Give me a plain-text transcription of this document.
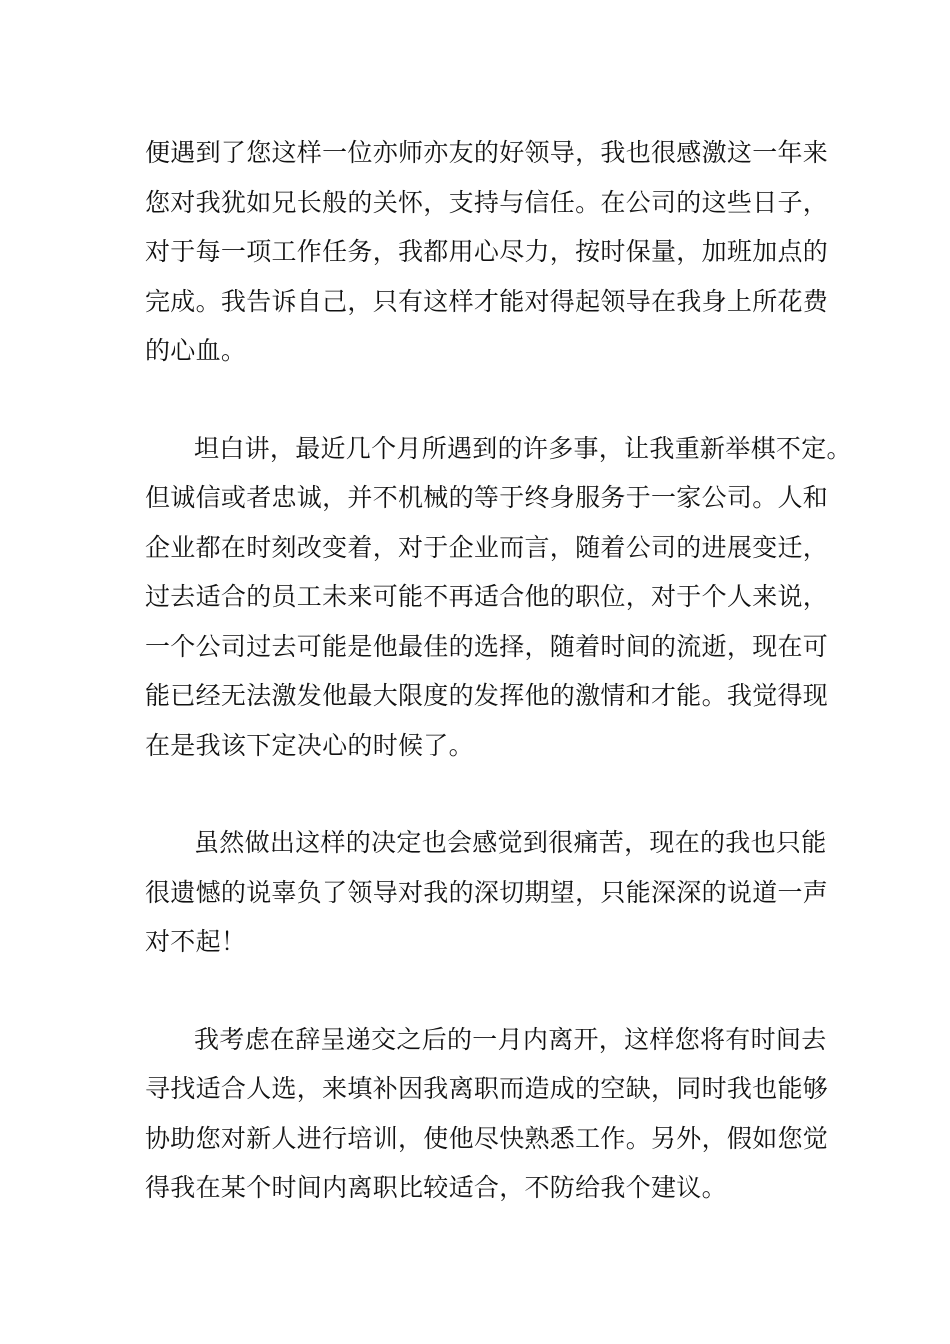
便遇到了您这样一位亦师亦友的好领导，我也很感激这一年来
您对我犹如兄长般的关怀，支持与信任。在公司的这些日子，
对于每一项工作任务，我都用心尽力，按时保量，加班加点的
完成。我告诉自己，只有这样才能对得起领导在我身上所花费
的心血。
坦白讲，最近几个月所遇到的许多事，让我重新举棋不定。
但诚信或者忠诚，并不机械的等于终身服务于一家公司。人和
企业都在时刻改变着，对于企业而言，随着公司的进展变迁，
过去适合的员工未来可能不再适合他的职位，对于个人来说，
一个公司过去可能是他最佳的选择，随着时间的流逝，现在可
能已经无法激发他最大限度的发挥他的激情和才能。我觉得现
在是我该下定决心的时候了。
虽然做出这样的决定也会感觉到很痛苦，现在的我也只能
很遗憾的说辜负了领导对我的深切期望，只能深深的说道一声
对不起！
我考虑在辞呈递交之后的一月内离开，这样您将有时间去
寻找适合人选，来填补因我离职而造成的空缺，同时我也能够
协助您对新人进行培训，使他尽快熟悉工作。另外，假如您觉
得我在某个时间内离职比较适合，不防给我个建议。
